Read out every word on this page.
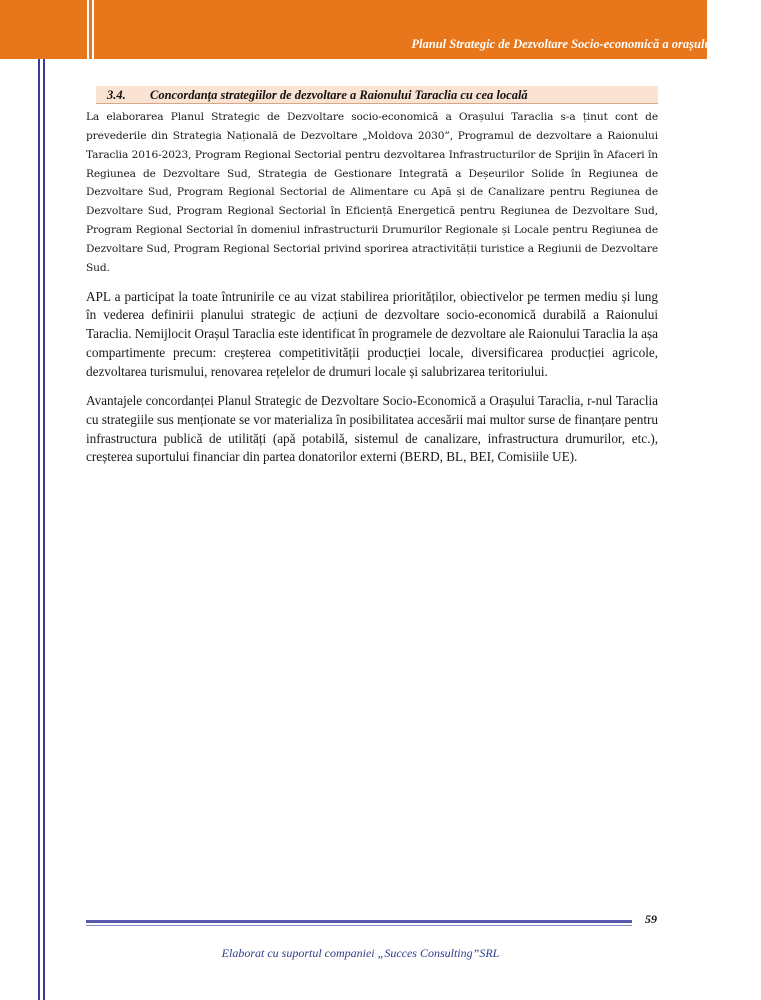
Planul Strategic de Dezvoltare Socio-economică a orașului Taraclia
3.4. Concordanța strategiilor de dezvoltare a Raionului Taraclia cu cea locală

La elaborarea Planul Strategic de Dezvoltare socio-economică a Orașului Taraclia s-a ținut cont de prevederile din Strategia Națională de Dezvoltare „Moldova 2030”, Programul de dezvoltare a Raionului Taraclia 2016-2023, Program Regional Sectorial pentru dezvoltarea Infrastructurilor de Sprijin în Afaceri în Regiunea de Dezvoltare Sud, Strategia de Gestionare Integrată a Deșeurilor Solide în Regiunea de Dezvoltare Sud, Program Regional Sectorial de Alimentare cu Apă și de Canalizare pentru Regiunea de Dezvoltare Sud, Program Regional Sectorial în Eficiență Energetică pentru Regiunea de Dezvoltare Sud, Program Regional Sectorial în domeniul infrastructurii Drumurilor Regionale și Locale pentru Regiunea de Dezvoltare Sud, Program Regional Sectorial privind sporirea atractivității turistice a Regiunii de Dezvoltare Sud.

APL a participat la toate întrunirile ce au vizat stabilirea priorităților, obiectivelor pe termen mediu și lung în vederea definirii planului strategic de acțiuni de dezvoltare socio-economică durabilă a Raionului Taraclia. Nemijlocit Orașul Taraclia este identificat în programele de dezvoltare ale Raionului Taraclia la așa compartimente precum: creșterea competitivității producției locale, diversificarea producției agricole, dezvoltarea turismului, renovarea rețelelor de drumuri locale și salubrizarea teritoriului.

Avantajele concordanței Planul Strategic de Dezvoltare Socio-Economică a Orașului Taraclia, r-nul Taraclia cu strategiile sus menționate se vor materializa în posibilitatea accesării mai multor surse de finanțare pentru infrastructura publică de utilități (apă potabilă, sistemul de canalizare, infrastructura drumurilor, etc.), creșterea suportului financiar din partea donatorilor externi (BERD, BL, BEI, Comisiile UE).

59
Elaborat cu suportul companiei „Succes Consulting”SRL
